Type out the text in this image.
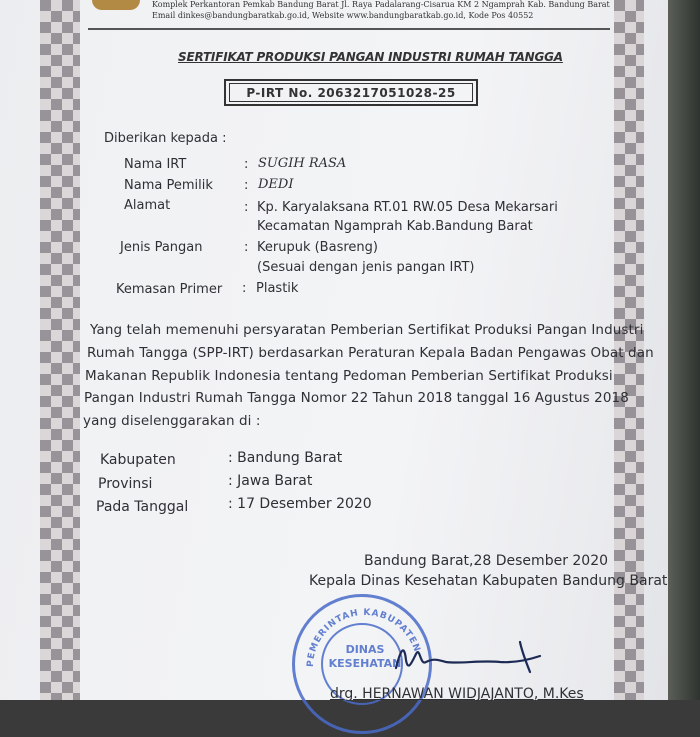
Komplek Perkantoran Pemkab Bandung Barat Jl. Raya Padalarang-Cisarua KM 2 Ngamprah Kab. Bandung Barat
Email dinkes@bandungbaratkab.go.id, Website www.bandungbaratkab.go.id, Kode Pos 40552
SERTIFIKAT PRODUKSI PANGAN INDUSTRI RUMAH TANGGA
P-IRT No. 2063217051028-25
Diberikan kepada :
Nama IRT	: SUGIH RASA
Nama Pemilik : DEDI
Alamat	: Kp. Karyalaksana RT.01 RW.05 Desa Mekarsari
Kecamatan Ngamprah Kab.Bandung Barat
Jenis Pangan	: Kerupuk (Basreng)
(Sesuai dengan jenis pangan IRT)
Kemasan Primer : Plastik
Yang telah memenuhi persyaratan Pemberian Sertifikat Produksi Pangan Industri
Rumah Tangga (SPP-IRT) berdasarkan Peraturan Kepala Badan Pengawas Obat dan
Makanan Republik Indonesia tentang Pedoman Pemberian Sertifikat Produksi
Pangan Industri Rumah Tangga Nomor 22 Tahun 2018 tanggal 16 Agustus 2018
yang diselenggarakan di :
Kabupaten	: Bandung Barat
Provinsi	: Jawa Barat
Pada Tanggal	: 17 Desember 2020
Bandung Barat,28 Desember 2020
Kepala Dinas Kesehatan Kabupaten Bandung Barat
PEMERINTAH KABUPATEN
DINAS
KESEHATAN
drg. HERNAWAN WIDJAJANTO, M.Kes
